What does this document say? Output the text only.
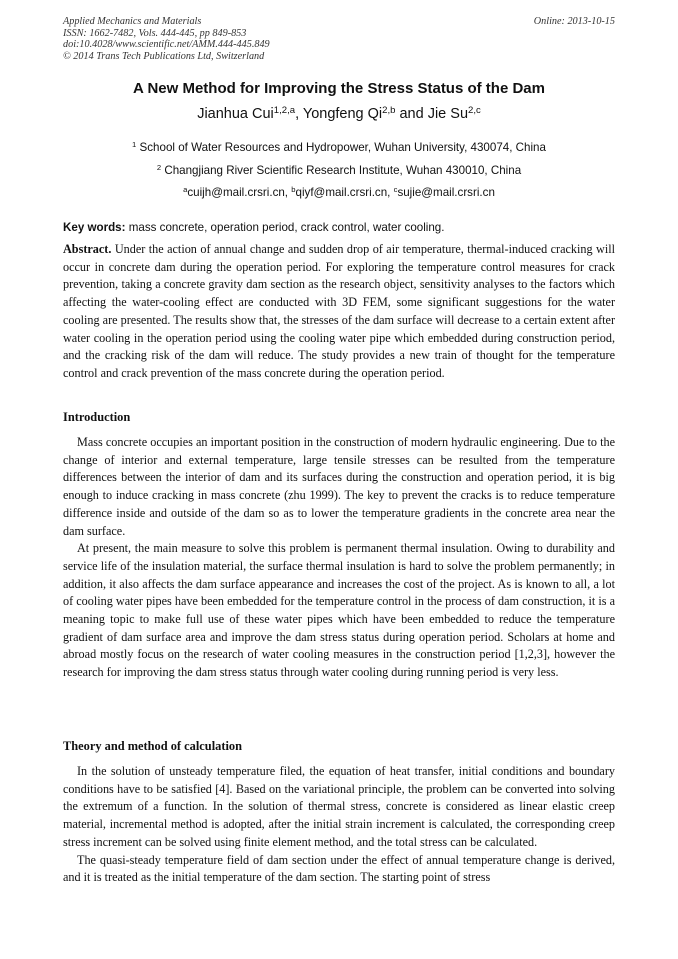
Applied Mechanics and Materials
ISSN: 1662-7482, Vols. 444-445, pp 849-853
doi:10.4028/www.scientific.net/AMM.444-445.849
© 2014 Trans Tech Publications Ltd, Switzerland
Online: 2013-10-15
A New Method for Improving the Stress Status of the Dam
Jianhua Cui$^{1,2,a}$, Yongfeng Qi$^{2,b}$ and Jie Su$^{2,c}$
$^1$ School of Water Resources and Hydropower, Wuhan University, 430074, China
$^2$ Changjiang River Scientific Research Institute, Wuhan 430010, China
$^a$cuijh@mail.crsri.cn, $^b$qiyf@mail.crsri.cn, $^c$sujie@mail.crsri.cn
Key words: mass concrete, operation period, crack control, water cooling.

Abstract. Under the action of annual change and sudden drop of air temperature, thermal-induced cracking will occur in concrete dam during the operation period. For exploring the temperature control measures for crack prevention, taking a concrete gravity dam section as the research object, sensitivity analyses to the factors which affecting the water-cooling effect are conducted with 3D FEM, some significant suggestions for the water cooling are presented. The results show that, the stresses of the dam surface will decrease to a certain extent after water cooling in the operation period using the cooling water pipe which embedded during construction period, and the cracking risk of the dam will reduce. The study provides a new train of thought for the temperature control and crack prevention of the mass concrete during the operation period.

Introduction

Mass concrete occupies an important position in the construction of modern hydraulic engineering. Due to the change of interior and external temperature, large tensile stresses can be resulted from the temperature differences between the interior of dam and its surfaces during the construction and operation period, it is big enough to induce cracking in mass concrete (zhu 1999). The key to prevent the cracks is to reduce temperature difference inside and outside of the dam so as to lower the temperature gradients in the concrete area near the dam surface.

At present, the main measure to solve this problem is permanent thermal insulation. Owing to durability and service life of the insulation material, the surface thermal insulation is hard to solve the problem permanently; in addition, it also affects the dam surface appearance and increases the cost of the project. As is known to all, a lot of cooling water pipes have been embedded for the temperature control in the process of dam construction, it is a meaning topic to make full use of these water pipes which have been embedded to reduce the temperature gradient of dam surface area and improve the dam stress status during operation period. Scholars at home and abroad mostly focus on the research of water cooling measures in the construction period [1,2,3], however the research for improving the dam stress status through water cooling during running period is very less.

Theory and method of calculation

In the solution of unsteady temperature filed, the equation of heat transfer, initial conditions and boundary conditions have to be satisfied [4]. Based on the variational principle, the problem can be converted into solving the extremum of a function. In the solution of thermal stress, concrete is considered as linear elastic creep material, incremental method is adopted, after the initial strain increment is calculated, the corresponding creep stress increment can be solved using finite element method, and the total stress can be calculated.

The quasi-steady temperature field of dam section under the effect of annual temperature change is derived, and it is treated as the initial temperature of the dam section. The starting point of stress
